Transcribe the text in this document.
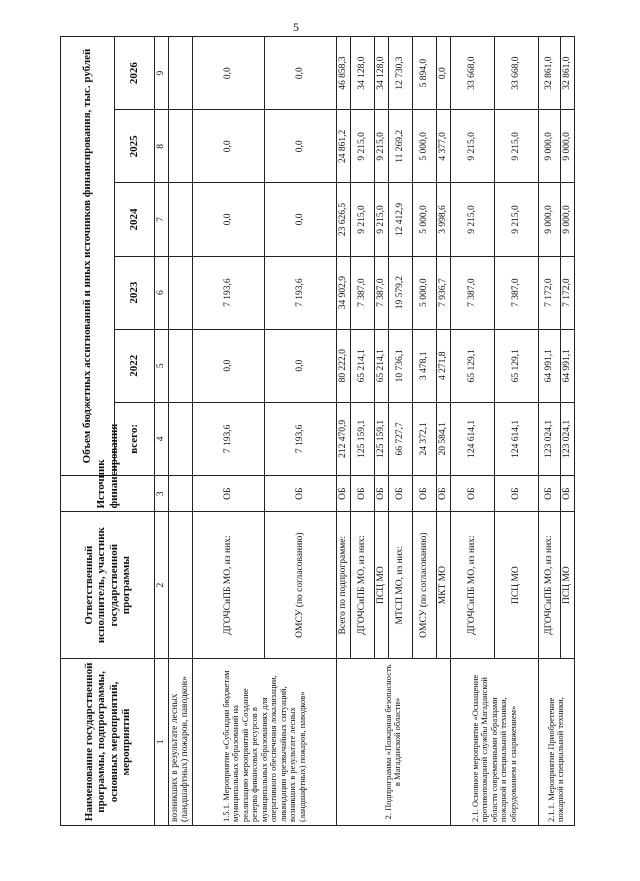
5
Наименование государственной программы, подпрограммы, основных мероприятий, мероприятий	Ответственный исполнитель, участник государственной программы	Источник финансирования	Объем бюджетных ассигнований и иных источников финансирования, тыс. рублей					
			всего:	2022	2023	2024	2025	2026
1	2	3	4	5	6	7	8	9
возникших в результате лесных (ландшафтных) пожаров, паводков»								
1.5.1. Мероприятие «Субсидии бюджетам муниципальных образований на реализацию мероприятий «Создание резерва финансовых ресурсов в муниципальных образованиях для оперативного обеспечения локализации, ликвидации чрезвычайных ситуаций, возникших в результате лесных (ландшафтных) пожаров, паводков»	ДГОЧСиПБ МО, из них:	ОБ	7 193,6	0,0	7 193,6	0,0	0,0	0,0
	ОМСУ (по согласованию)	ОБ	7 193,6	0,0	7 193,6	0,0	0,0	0,0
2. Подпрограмма «Пожарная безопасность в Магаданской области»	Всего по подпрограмме:	ОБ	212 470,9	80 222,0	34 902,9	23 626,5	24 861,2	46 858,3
	ДГОЧСиПБ МО, из них:	ОБ	125 159,1	65 214,1	7 387,0	9 215,0	9 215,0	34 128,0
	ПСЦ МО	ОБ	125 159,1	65 214,1	7 387,0	9 215,0	9 215,0	34 128,0
	МТСП МО, из них:	ОБ	66 727,7	10 736,1	19 579,2	12 412,9	11 269,2	12 730,3
	ОМСУ (по согласованию)	ОБ	24 372,1	3 478,1	5 000,0	5 000,0	5 000,0	5 894,0
	МКТ МО	ОБ	20 584,1	4 271,8	7 936,7	3 998,6	4 377,0	0,0
2.1. Основное мероприятие «Оснащение противопожарной службы Магаданской области современными образцами пожарной и специальной техники, оборудованием и снаряжением»	ДГОЧСиПБ МО, из них:	ОБ	124 614,1	65 129,1	7 387,0	9 215,0	9 215,0	33 668,0
	ПСЦ МО	ОБ	124 614,1	65 129,1	7 387,0	9 215,0	9 215,0	33 668,0
2.1.1. Мероприятие Приобретение пожарной и специальной техники,	ДГОЧСиПБ МО, из них:	ОБ	123 024,1	64 991,1	7 172,0	9 000,0	9 000,0	32 861,0
	ПСЦ МО	ОБ	123 024,1	64 991,1	7 172,0	9 000,0	9 000,0	32 861,0
